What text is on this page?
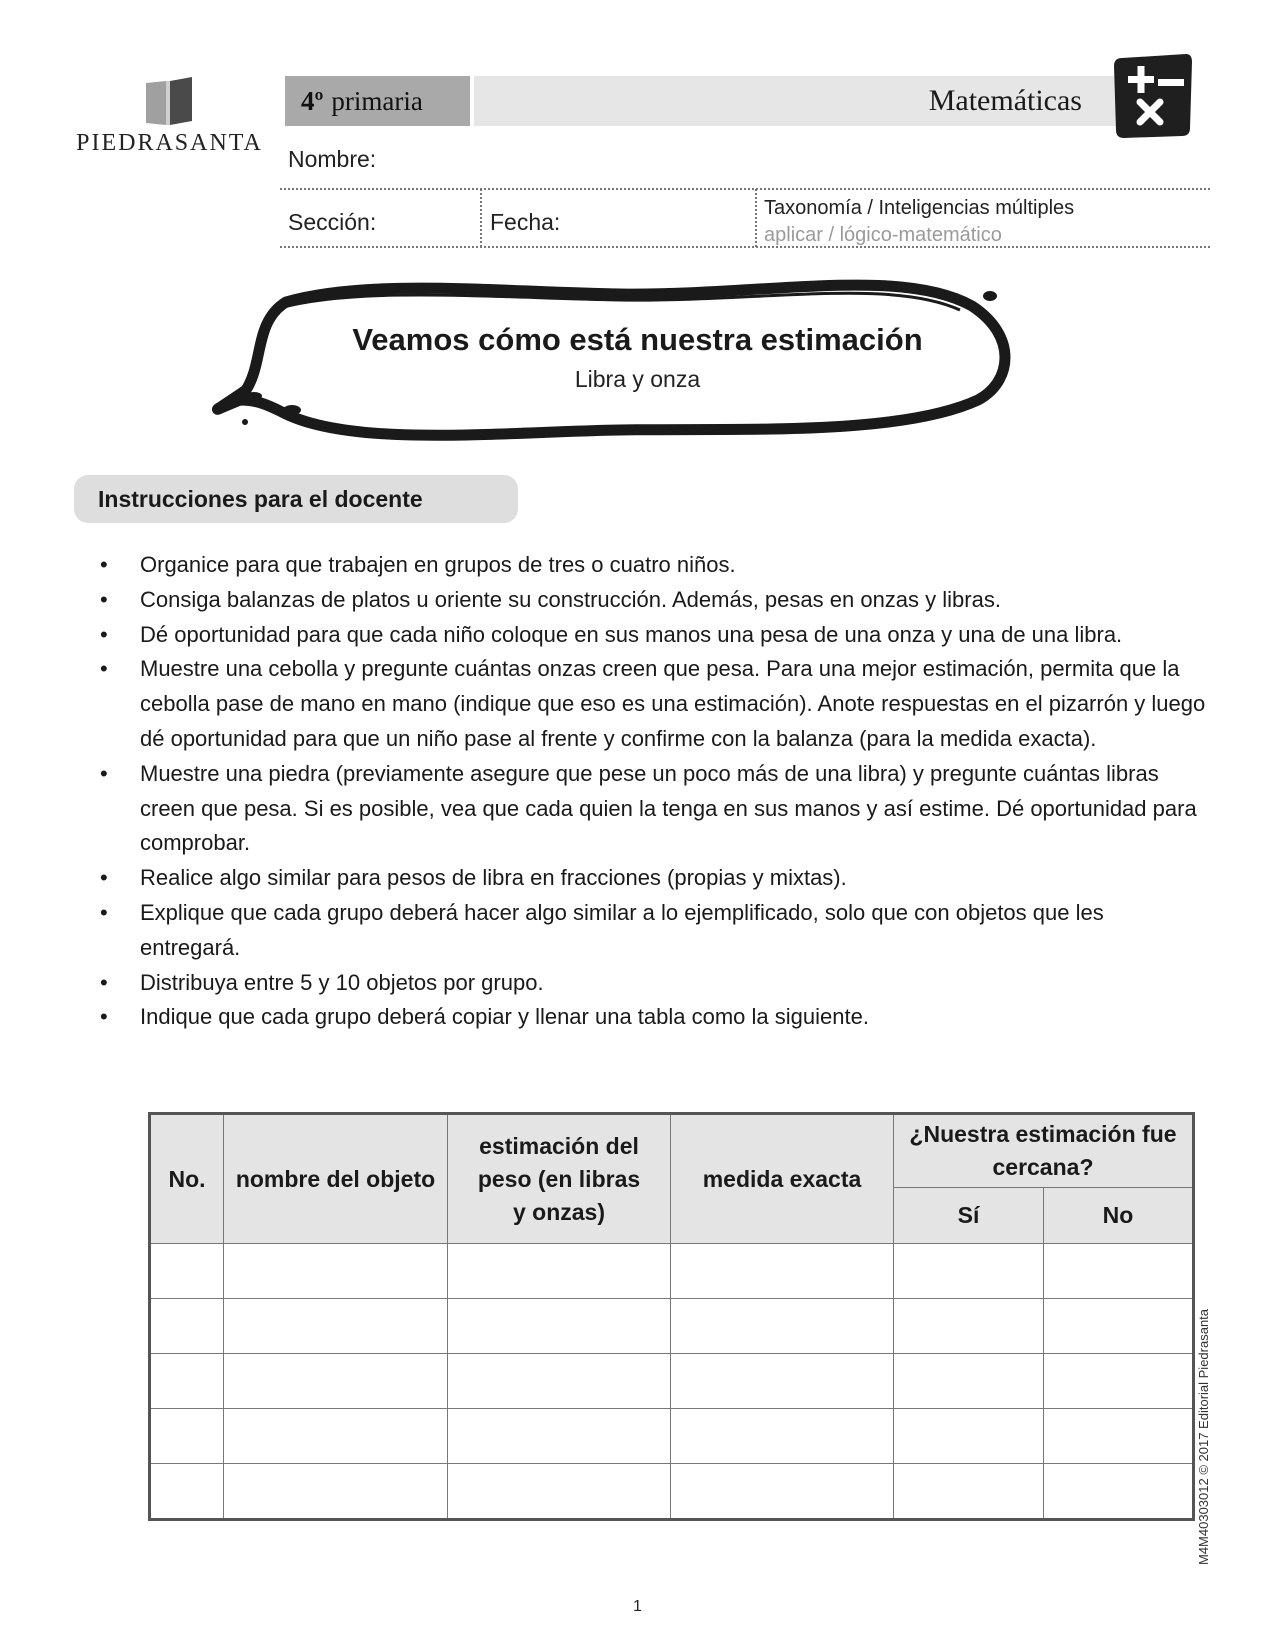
PIEDRASANTA
4º primaria	Matemáticas
Nombre:
Sección:	Fecha:
Taxonomía / Inteligencias múltiples
aplicar / lógico-matemático
Veamos cómo está nuestra estimación
Libra y onza
Instrucciones para el docente
• Organice para que trabajen en grupos de tres o cuatro niños.
• Consiga balanzas de platos u oriente su construcción. Además, pesas en onzas y libras.
• Dé oportunidad para que cada niño coloque en sus manos una pesa de una onza y una de una libra.
• Muestre una cebolla y pregunte cuántas onzas creen que pesa. Para una mejor estimación, permita que la cebolla pase de mano en mano (indique que eso es una estimación). Anote respuestas en el pizarrón y luego dé oportunidad para que un niño pase al frente y confirme con la balanza (para la medida exacta).
• Muestre una piedra (previamente asegure que pese un poco más de una libra) y pregunte cuántas libras creen que pesa. Si es posible, vea que cada quien la tenga en sus manos y así estime. Dé oportunidad para comprobar.
• Realice algo similar para pesos de libra en fracciones (propias y mixtas).
• Explique que cada grupo deberá hacer algo similar a lo ejemplificado, solo que con objetos que les entregará.
• Distribuya entre 5 y 10 objetos por grupo.
• Indique que cada grupo deberá copiar y llenar una tabla como la siguiente.
No.	nombre del objeto	estimación del peso (en libras y onzas)	medida exacta	¿Nuestra estimación fue cercana?	
				Sí	No

M4M40303012 © 2017 Editorial Piedrasanta
1
